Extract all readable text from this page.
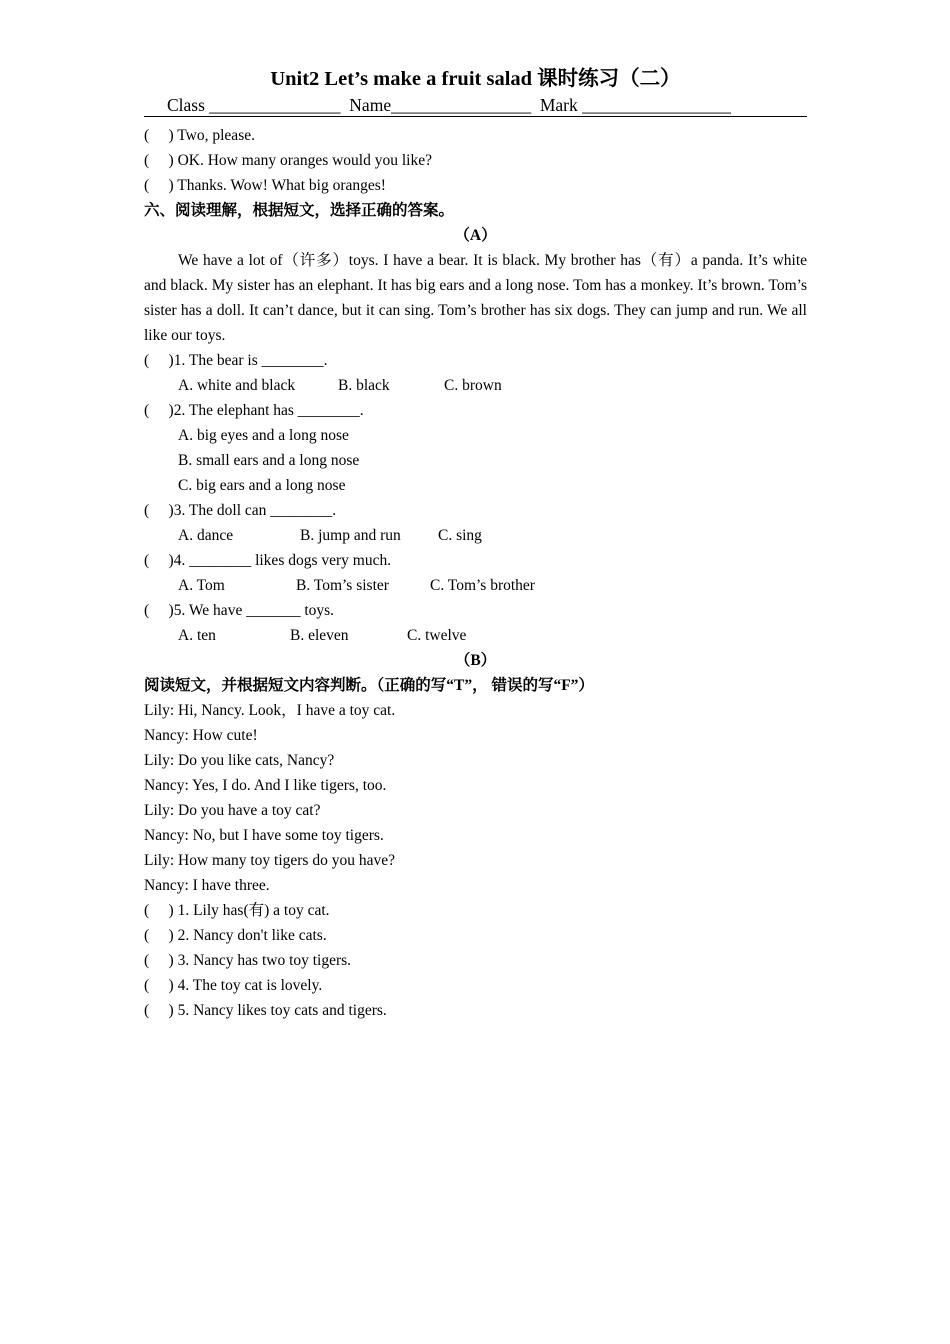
Unit2 Let’s make a fruit salad 课时练习（二）
Class _______________  Name________________  Mark _________________
(     ) Two, please.
(     ) OK. How many oranges would you like?
(     ) Thanks. Wow! What big oranges!
六、阅读理解，根据短文，选择正确的答案。
（A）
We have a lot of（许多）toys. I have a bear. It is black. My brother has（有）a panda. It’s white and black. My sister has an elephant. It has big ears and a long nose. Tom has a monkey. It’s brown. Tom’s sister has a doll. It can’t dance, but it can sing. Tom’s brother has six dogs. They can jump and run. We all like our toys.
(     )1. The bear is ________.
A. white and black	B. black	C. brown
(     )2. The elephant has ________.
A. big eyes and a long nose
B. small ears and a long nose
C. big ears and a long nose
(     )3. The doll can ________.
A. dance	B. jump and run C. sing
(     )4. ________ likes dogs very much.
A. Tom	B. Tom’s sister	C. Tom’s brother
(     )5. We have _______ toys.
A. ten	B. eleven	C. twelve
（B）
阅读短文，并根据短文内容判断。（正确的写“T”， 错误的写“F”）
Lily: Hi, Nancy. Look，I have a toy cat.
Nancy: How cute!
Lily: Do you like cats, Nancy?
Nancy: Yes, I do. And I like tigers, too.
Lily: Do you have a toy cat?
Nancy: No, but I have some toy tigers.
Lily: How many toy tigers do you have?
Nancy: I have three.
(     ) 1. Lily has(有) a toy cat.
(     ) 2. Nancy don't like cats.
(     ) 3. Nancy has two toy tigers.
(     ) 4. The toy cat is lovely.
(     ) 5. Nancy likes toy cats and tigers.
